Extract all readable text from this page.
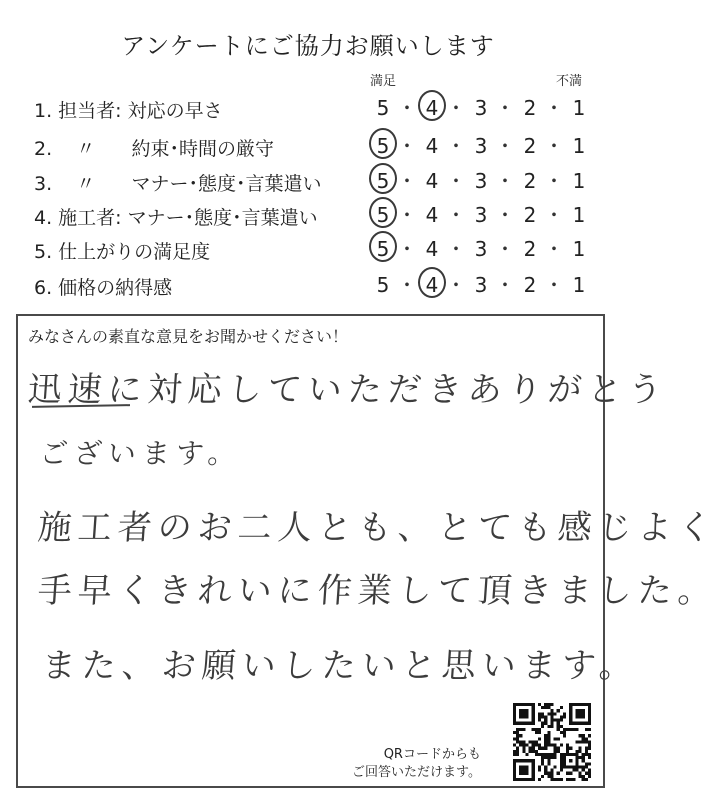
アンケートにご協力お願いします
満足	不満
1. 担当者: 対応の早さ	5 ･ 4 ･ 3 ･ 2 ･ 1
2.    〃      約束･時間の厳守	5 ･ 4 ･ 3 ･ 2 ･ 1
3.    〃      マナー･態度･言葉遣い	5 ･ 4 ･ 3 ･ 2 ･ 1
4. 施工者: マナー･態度･言葉遣い	5 ･ 4 ･ 3 ･ 2 ･ 1
5. 仕上がりの満足度	5 ･ 4 ･ 3 ･ 2 ･ 1
6. 価格の納得感	5 ･ 4 ･ 3 ･ 2 ･ 1
みなさんの素直な意見をお聞かせください！
迅速に対応していただきありがとう
ございます。
施工者のお二人とも、とても感じよく
手早くきれいに作業して頂きました。
また、お願いしたいと思います。
QRコードからも
ご回答いただけます。
